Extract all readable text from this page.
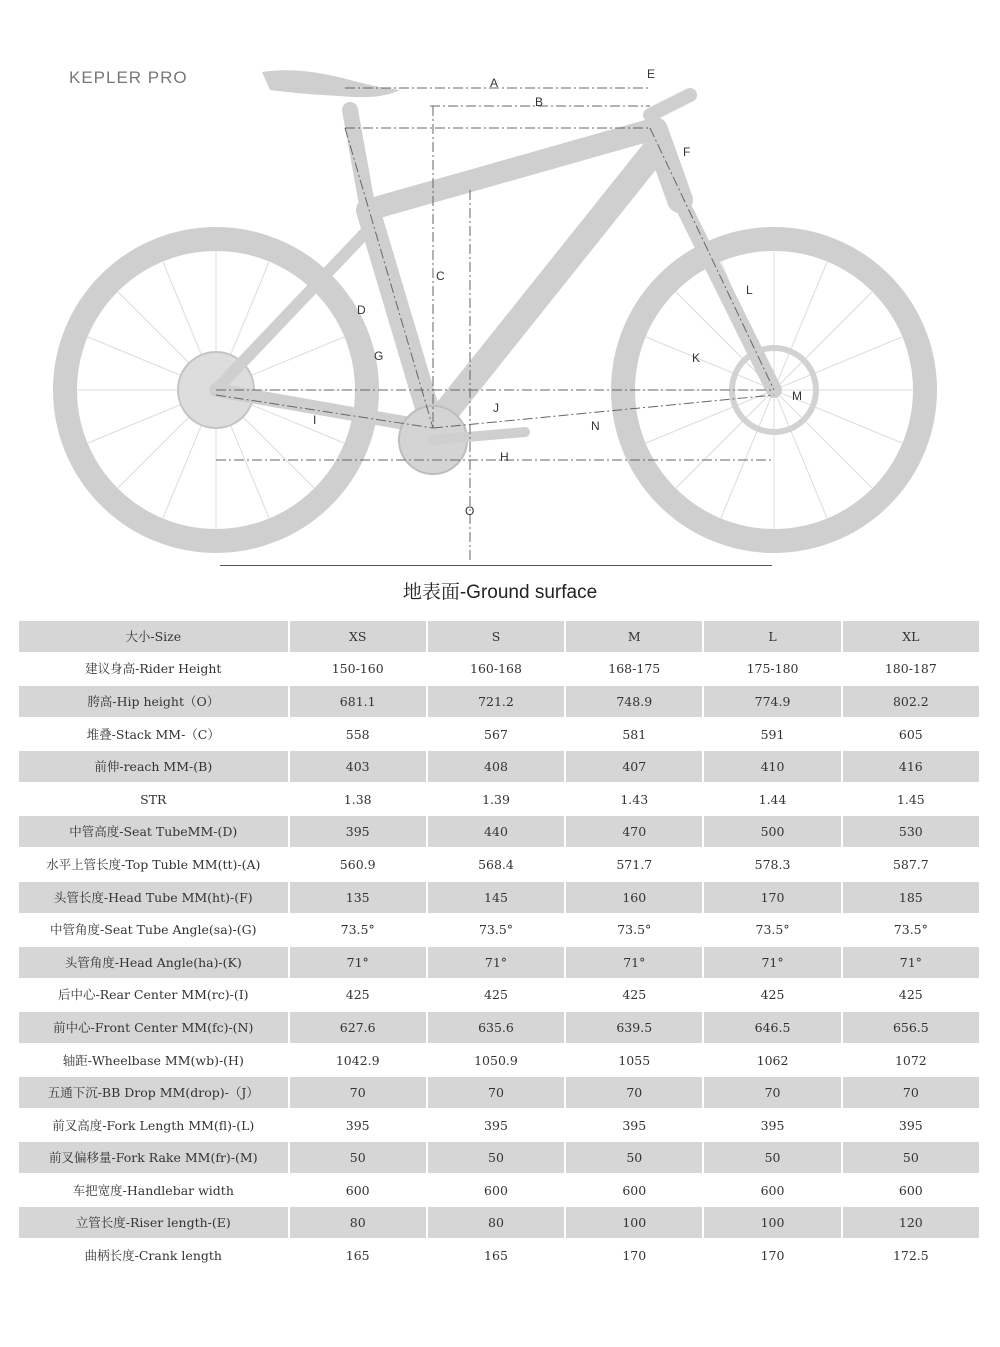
KEPLER PRO	A
B
C
D
E
F
G
H
I
J
K
L
M
N
O
地表面-Ground surface
大小-Size	XS	S	M	L	XL

建议身高-Rider Height	150-160	160-168	168-175	175-180	180-187

胯高-Hip height（O）	681.1	721.2	748.9	774.9	802.2

堆叠-Stack MM-（C）	558	567	581	591	605

前伸-reach MM-(B)	403	408	407	410	416

STR	1.38	1.39	1.43	1.44	1.45

中管高度-Seat TubeMM-(D)	395	440	470	500	530

水平上管长度-Top Tuble MM(tt)-(A)	560.9	568.4	571.7	578.3	587.7

头管长度-Head Tube MM(ht)-(F)	135	145	160	170	185

中管角度-Seat Tube Angle(sa)-(G)	73.5°	73.5°	73.5°	73.5°	73.5°

头管角度-Head Angle(ha)-(K)	71°	71°	71°	71°	71°

后中心-Rear Center MM(rc)-(I)	425	425	425	425	425

前中心-Front Center MM(fc)-(N)	627.6	635.6	639.5	646.5	656.5

轴距-Wheelbase MM(wb)-(H)	1042.9	1050.9	1055	1062	1072

五通下沉-BB Drop MM(drop)-（J）	70	70	70	70	70

前叉高度-Fork Length MM(fl)-(L)	395	395	395	395	395

前叉偏移量-Fork Rake MM(fr)-(M)	50	50	50	50	50

车把宽度-Handlebar width	600	600	600	600	600

立管长度-Riser length-(E)	80	80	100	100	120

曲柄长度-Crank length	165	165	170	170	172.5
